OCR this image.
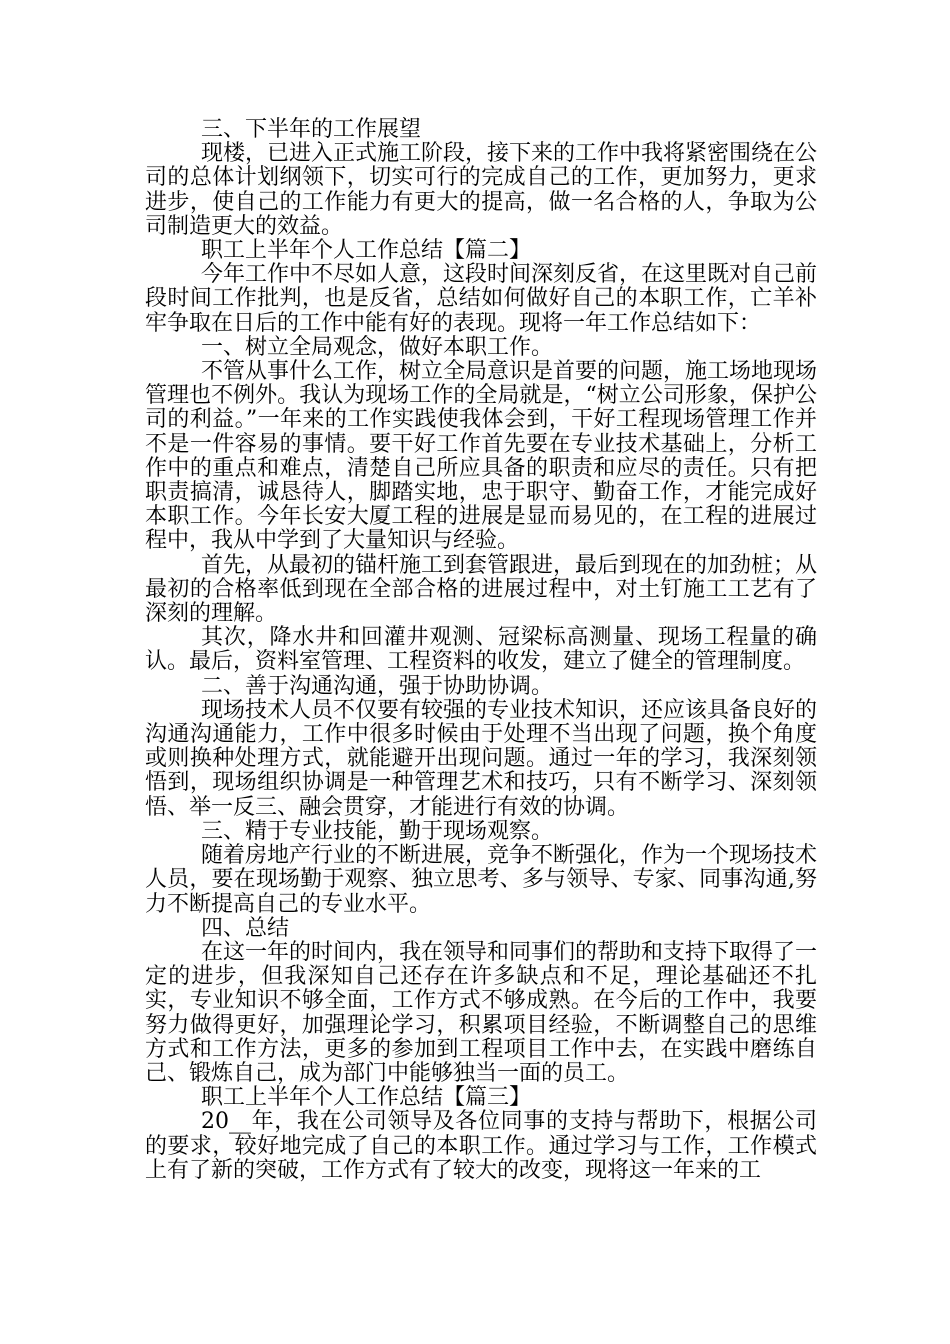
三、下半年的工作展望

现楼，已进入正式施工阶段，接下来的工作中我将紧密围绕在公司的总体计划纲领下，切实可行的完成自己的工作，更加努力，更求进步，使自己的工作能力有更大的提高，做一名合格的人，争取为公司制造更大的效益。

职工上半年个人工作总结【篇二】

今年工作中不尽如人意，这段时间深刻反省，在这里既对自己前段时间工作批判，也是反省，总结如何做好自己的本职工作，亡羊补牢争取在日后的工作中能有好的表现。现将一年工作总结如下：

一、树立全局观念，做好本职工作。

不管从事什么工作，树立全局意识是首要的问题，施工场地现场管理也不例外。我认为现场工作的全局就是，“树立公司形象，保护公司的利益。”一年来的工作实践使我体会到，干好工程现场管理工作并不是一件容易的事情。要干好工作首先要在专业技术基础上，分析工作中的重点和难点，清楚自己所应具备的职责和应尽的责任。只有把职责搞清，诚恳待人，脚踏实地，忠于职守、勤奋工作，才能完成好本职工作。今年长安大厦工程的进展是显而易见的，在工程的进展过程中，我从中学到了大量知识与经验。

首先，从最初的锚杆施工到套管跟进，最后到现在的加劲桩；从最初的合格率低到现在全部合格的进展过程中，对土钉施工工艺有了深刻的理解。

其次，降水井和回灌井观测、冠梁标高测量、现场工程量的确认。最后，资料室管理、工程资料的收发，建立了健全的管理制度。

二、善于沟通沟通，强于协助协调。

现场技术人员不仅要有较强的专业技术知识，还应该具备良好的沟通沟通能力，工作中很多时候由于处理不当出现了问题，换个角度或则换种处理方式，就能避开出现问题。通过一年的学习，我深刻领悟到，现场组织协调是一种管理艺术和技巧，只有不断学习、深刻领悟、举一反三、融会贯穿，才能进行有效的协调。

三、精于专业技能，勤于现场观察。

随着房地产行业的不断进展，竞争不断强化，作为一个现场技术人员，要在现场勤于观察、独立思考、多与领导、专家、同事沟通,努力不断提高自己的专业水平。

四、总结

在这一年的时间内，我在领导和同事们的帮助和支持下取得了一定的进步，但我深知自己还存在许多缺点和不足，理论基础还不扎实，专业知识不够全面，工作方式不够成熟。在今后的工作中，我要努力做得更好，加强理论学习，积累项目经验，不断调整自己的思维方式和工作方法，更多的参加到工程项目工作中去，在实践中磨练自己、锻炼自己，成为部门中能够独当一面的员工。

职工上半年个人工作总结【篇三】

20__年，我在公司领导及各位同事的支持与帮助下，根据公司的要求，较好地完成了自己的本职工作。通过学习与工作，工作模式上有了新的突破，工作方式有了较大的改变，现将这一年来的工
